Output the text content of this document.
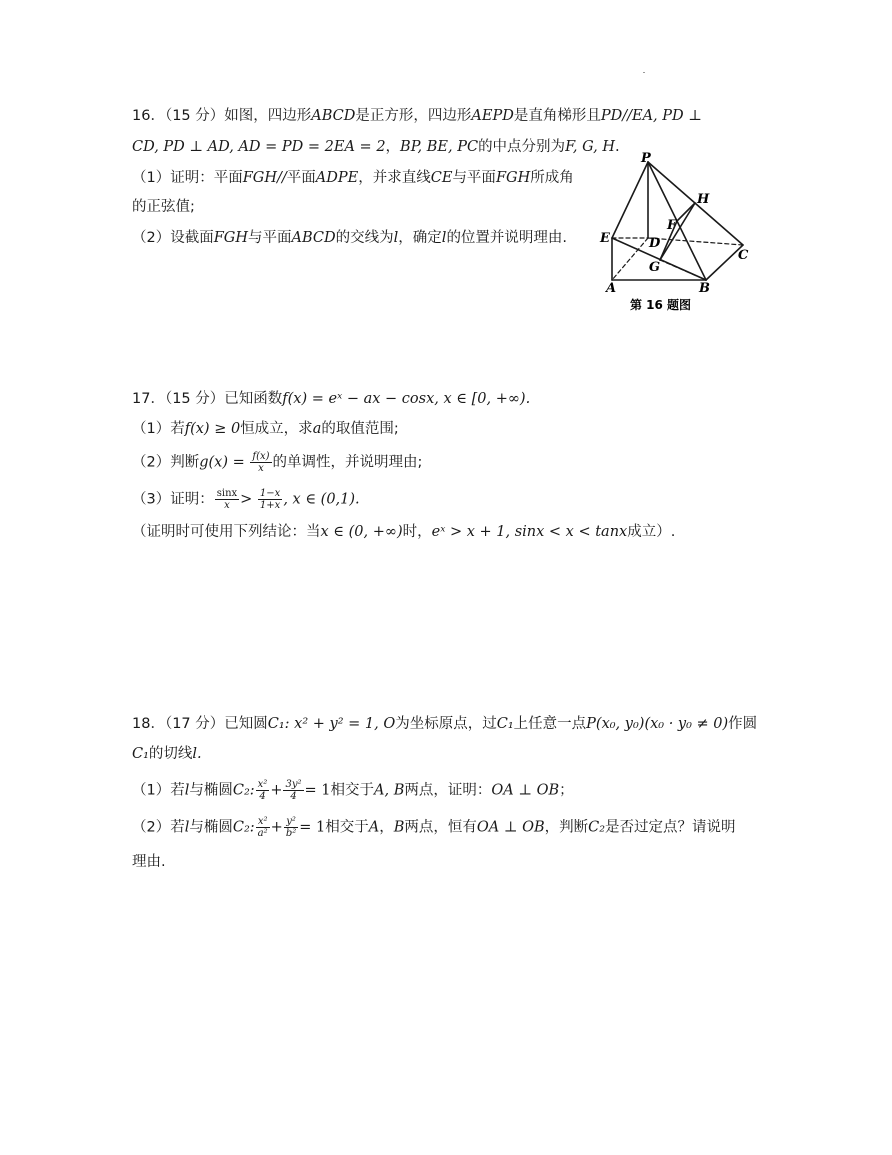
16．（15 分）如图，四边形ABCD是正方形，四边形AEPD是直角梯形且PD//EA, PD ⊥
CD, PD ⊥ AD, AD = PD = 2EA = 2，BP, BE, PC的中点分别为F, G, H.
（1）证明：平面FGH//平面ADPE，并求直线CE与平面FGH所成角
的正弦值;
（2）设截面FGH与平面ABCD的交线为l，确定l的位置并说明理由.
P
H
F
E	D
C
G
A	B
第 16 题图
17．（15 分）已知函数f(x) = eˣ − ax − cosx, x ∈ [0, +∞).
（1）若f(x) ≥ 0恒成立，求a的取值范围;
（2）判断$g(x) = \frac{f(x)}{x}$ 的单调性，并说明理由;
（3）证明： $\frac{\sin x}{x} > \frac{1-x}{1+x}$ , x ∈ (0,1).
（证明时可使用下列结论：当x ∈ (0, +∞)时，eˣ > x + 1, sinx < x < tanx成立）.
18．（17 分）已知圆C₁: x² + y² = 1, O为坐标原点，过C₁上任意一点P(x₀, y₀)(x₀ · y₀ ≠ 0)作圆
C₁的切线l.
（1）若l与椭圆C₂: $\frac{\text{x²}}{4} + \frac{\text{3y²}}{4} = 1$相交于A, B两点，证明：OA ⊥ OB；
（2）若l与椭圆C₂: $\frac{\text{x²}}{\text{a²}} + \frac{\text{y²}}{\text{b²}} = 1$相交于A，B两点，恒有OA ⊥ OB，判断C₂是否过定点？请说明
理由.
